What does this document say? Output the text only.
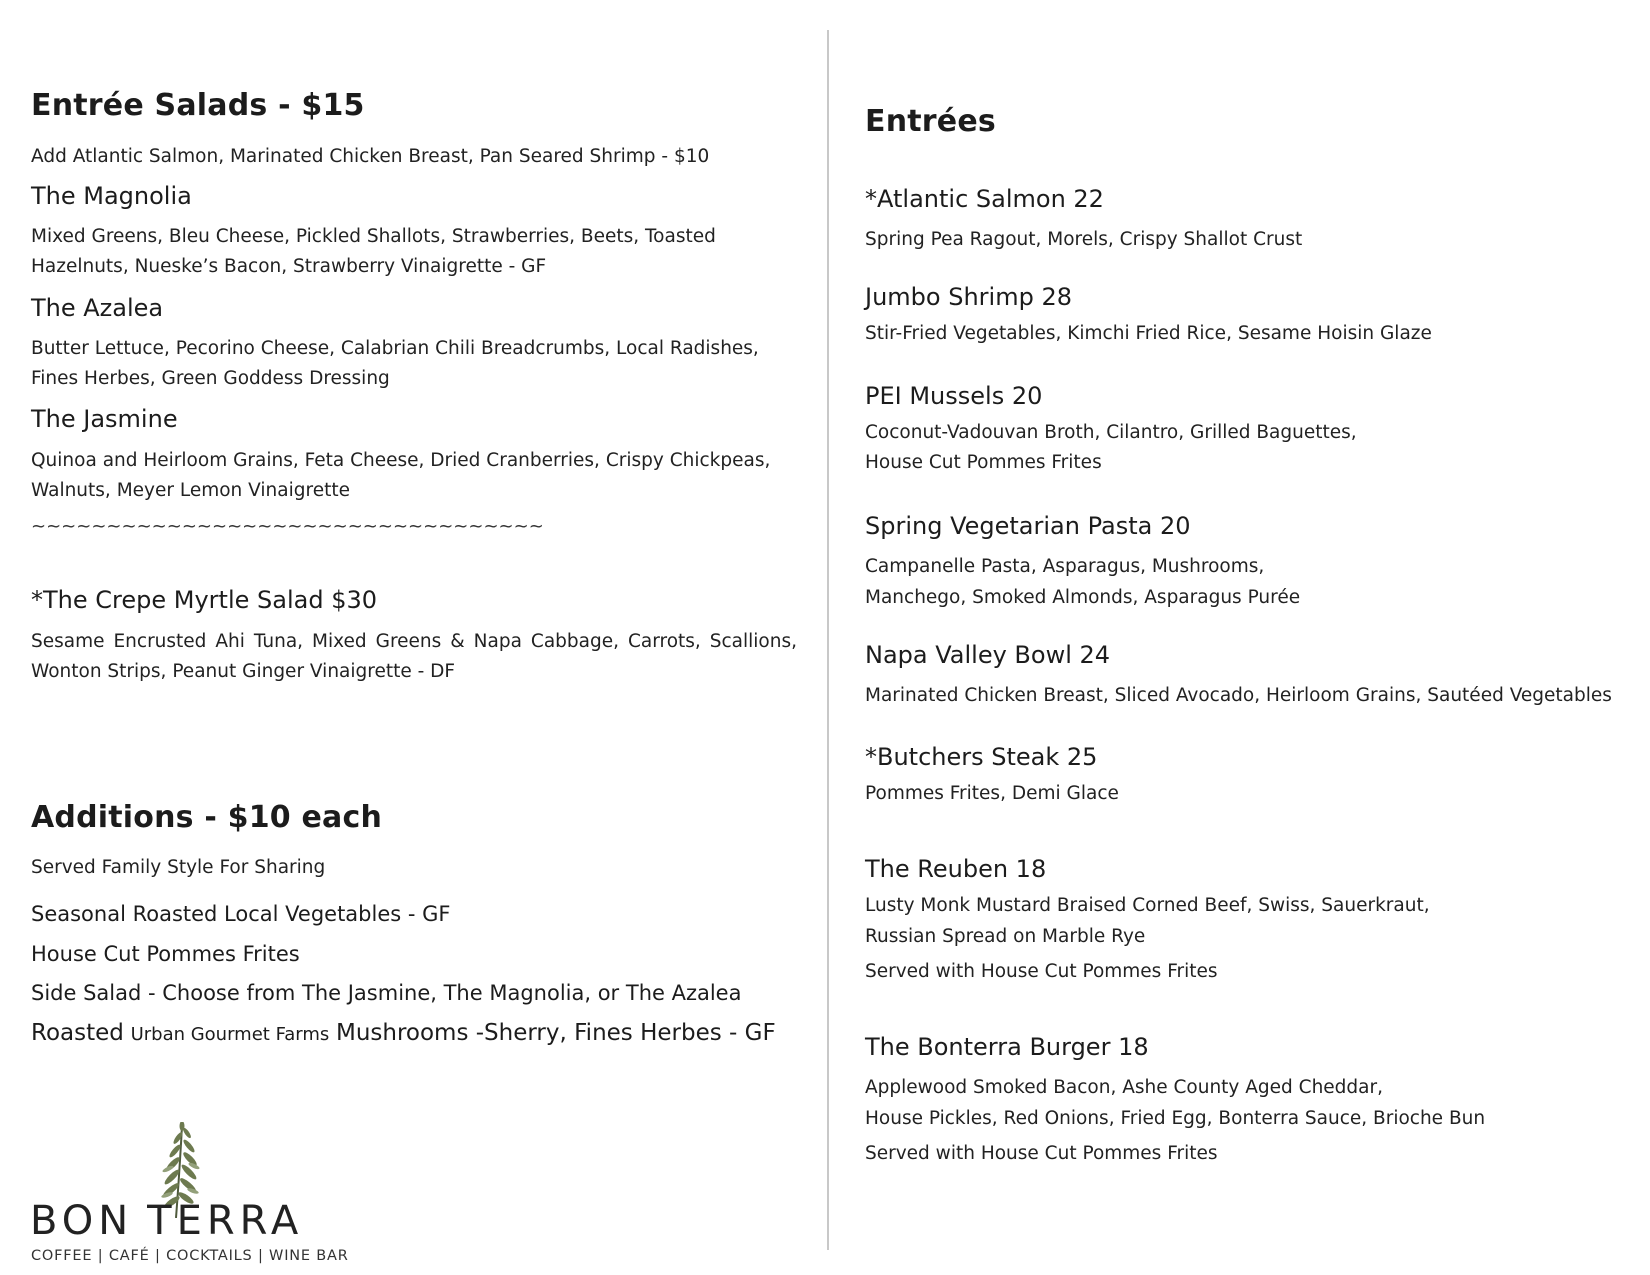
Entrée Salads - $15

Add Atlantic Salmon, Marinated Chicken Breast, Pan Seared Shrimp - $10

The Magnolia

Mixed Greens, Bleu Cheese, Pickled Shallots, Strawberries, Beets, Toasted Hazelnuts, Nueske’s Bacon, Strawberry Vinaigrette - GF

The Azalea

Butter Lettuce, Pecorino Cheese, Calabrian Chili Breadcrumbs, Local Radishes, Fines Herbes, Green Goddess Dressing

The Jasmine

Quinoa and Heirloom Grains, Feta Cheese, Dried Cranberries, Crispy Chickpeas, Walnuts, Meyer Lemon Vinaigrette

~~~~~~~~~~~~~~~~~~~~~~~~~~~~~~~~~~

*The Crepe Myrtle Salad $30

Sesame Encrusted Ahi Tuna, Mixed Greens & Napa Cabbage, Carrots, Scallions, Wonton Strips, Peanut Ginger Vinaigrette - DF

Additions - $10 each

Served Family Style For Sharing

Seasonal Roasted Local Vegetables - GF

House Cut Pommes Frites

Side Salad - Choose from The Jasmine, The Magnolia, or The Azalea

Roasted Urban Gourmet Farms Mushrooms -Sherry, Fines Herbes - GF

BON TERRA
COFFEE | CAFÉ | COCKTAILS | WINE BAR
Entrées

*Atlantic Salmon 22

Spring Pea Ragout, Morels, Crispy Shallot Crust

Jumbo Shrimp 28

Stir-Fried Vegetables, Kimchi Fried Rice, Sesame Hoisin Glaze

PEI Mussels 20

Coconut-Vadouvan Broth, Cilantro, Grilled Baguettes,

House Cut Pommes Frites

Spring Vegetarian Pasta 20

Campanelle Pasta, Asparagus, Mushrooms,

Manchego, Smoked Almonds, Asparagus Purée

Napa Valley Bowl 24

Marinated Chicken Breast, Sliced Avocado, Heirloom Grains, Sautéed Vegetables

*Butchers Steak 25

Pommes Frites, Demi Glace

The Reuben 18

Lusty Monk Mustard Braised Corned Beef, Swiss, Sauerkraut,

Russian Spread on Marble Rye

Served with House Cut Pommes Frites

The Bonterra Burger 18

Applewood Smoked Bacon, Ashe County Aged Cheddar,

House Pickles, Red Onions, Fried Egg, Bonterra Sauce, Brioche Bun

Served with House Cut Pommes Frites
